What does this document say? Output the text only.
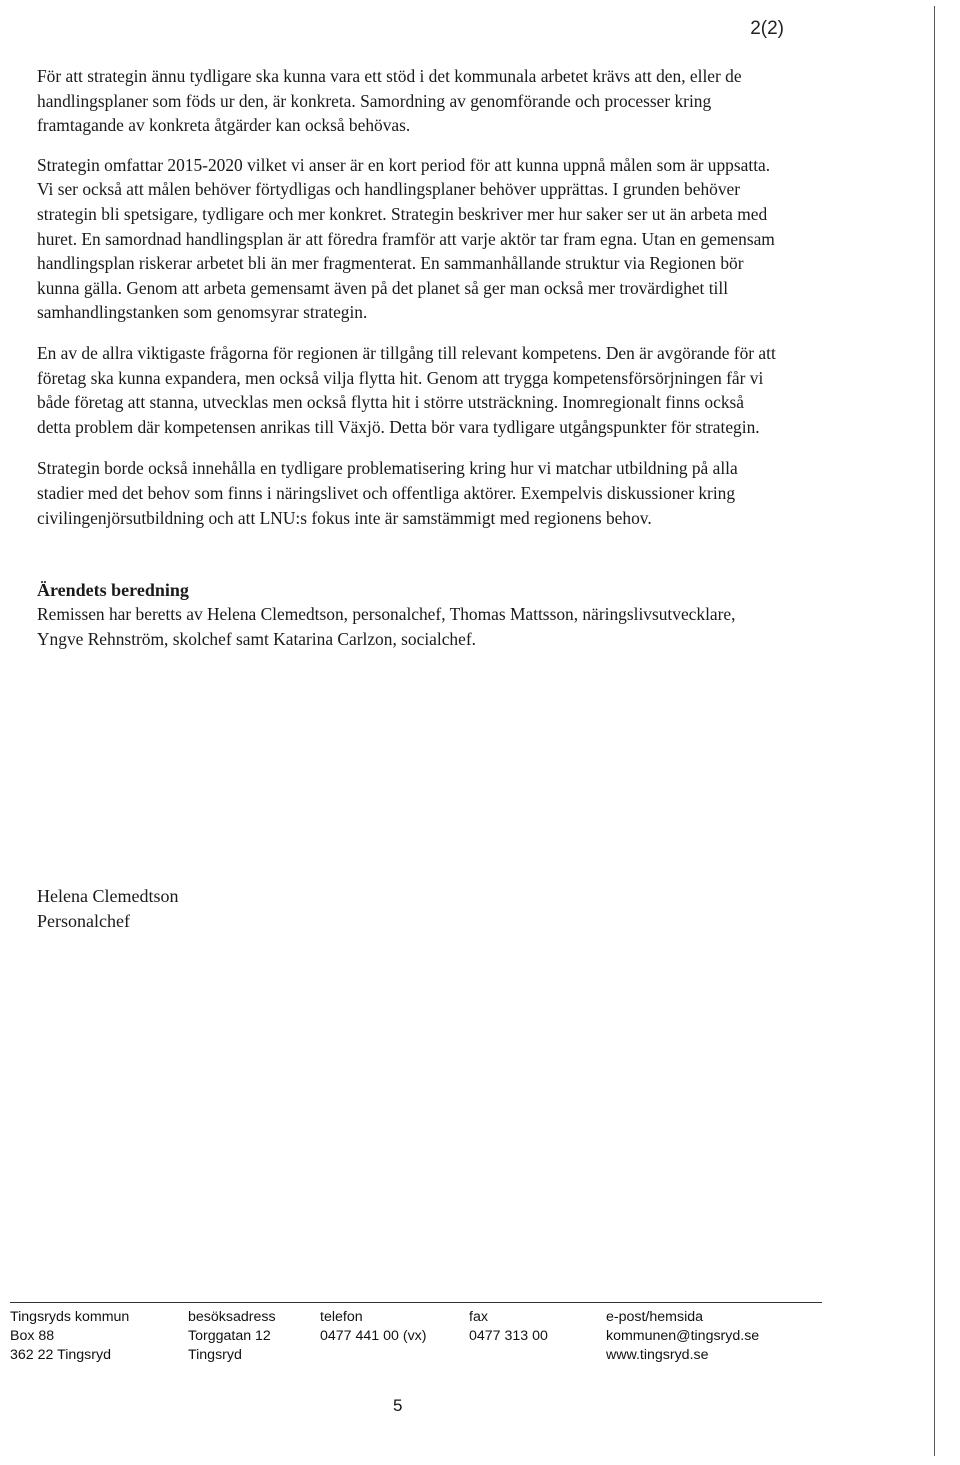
2(2)

För att strategin ännu tydligare ska kunna vara ett stöd i det kommunala arbetet krävs att den, eller de handlingsplaner som föds ur den, är konkreta. Samordning av genomförande och processer kring framtagande av konkreta åtgärder kan också behövas.

Strategin omfattar 2015-2020 vilket vi anser är en kort period för att kunna uppnå målen som är uppsatta. Vi ser också att målen behöver förtydligas och handlingsplaner behöver upprättas. I grunden behöver strategin bli spetsigare, tydligare och mer konkret. Strategin beskriver mer hur saker ser ut än arbeta med huret. En samordnad handlingsplan är att föredra framför att varje aktör tar fram egna. Utan en gemensam handlingsplan riskerar arbetet bli än mer fragmenterat. En sammanhållande struktur via Regionen bör kunna gälla. Genom att arbeta gemensamt även på det planet så ger man också mer trovärdighet till samhandlingstanken som genomsyrar strategin.

En av de allra viktigaste frågorna för regionen är tillgång till relevant kompetens. Den är avgörande för att företag ska kunna expandera, men också vilja flytta hit. Genom att trygga kompetensförsörjningen får vi både företag att stanna, utvecklas men också flytta hit i större utsträckning. Inomregionalt finns också detta problem där kompetensen anrikas till Växjö. Detta bör vara tydligare utgångspunkter för strategin.

Strategin borde också innehålla en tydligare problematisering kring hur vi matchar utbildning på alla stadier med det behov som finns i näringslivet och offentliga aktörer. Exempelvis diskussioner kring civilingenjörsutbildning och att LNU:s fokus inte är samstämmigt med regionens behov.

Ärendets beredning

Remissen har beretts av Helena Clemedtson, personalchef, Thomas Mattsson, näringslivsutvecklare, Yngve Rehnström, skolchef samt Katarina Carlzon, socialchef.

Helena Clemedtson
Personalchef
Tingsryds kommun
Box 88
362 22 Tingsryd
besöksadress
Torggatan 12
Tingsryd
telefon
0477 441 00 (vx)
fax
0477 313 00
e-post/hemsida
kommunen@tingsryd.se
www.tingsryd.se
5
